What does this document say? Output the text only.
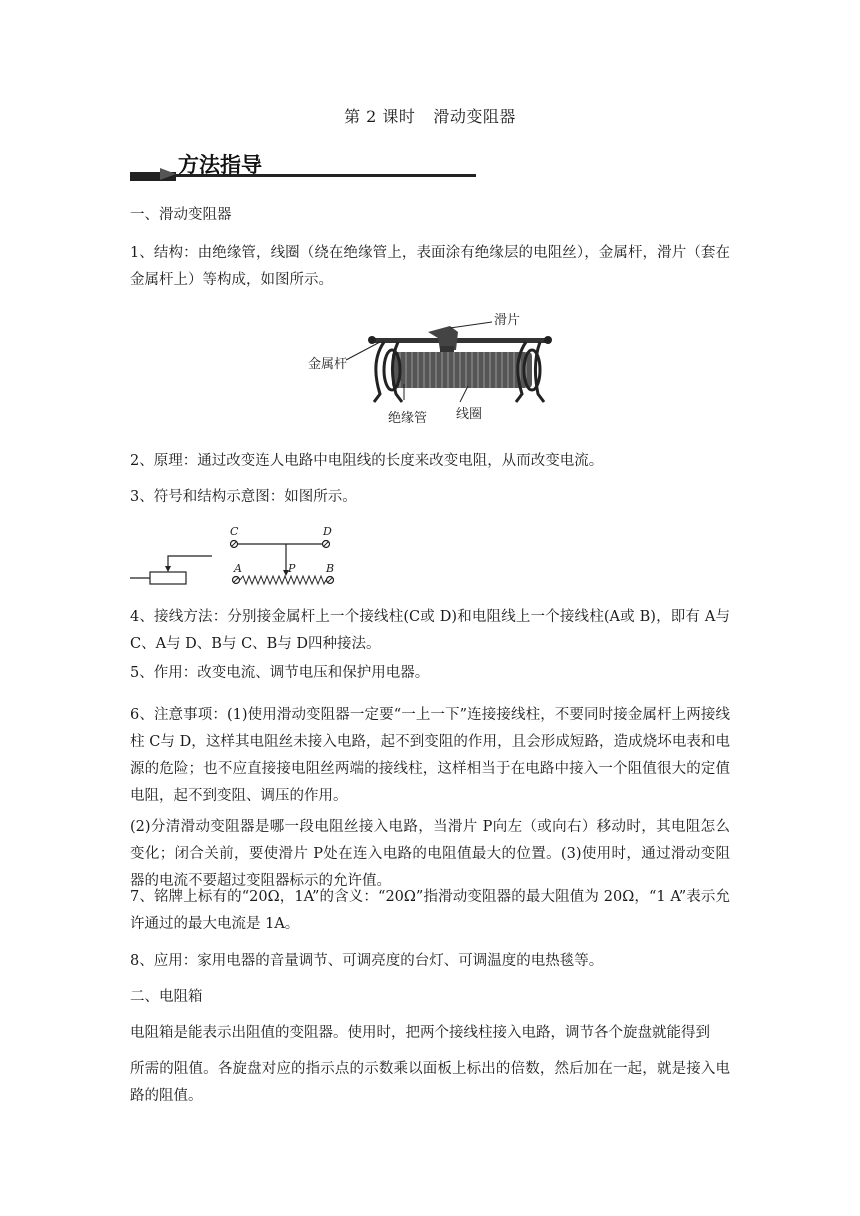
第 2 课时 滑动变阻器
方法指导

一、滑动变阻器

1、结构：由绝缘管，线圈（绕在绝缘管上，表面涂有绝缘层的电阻丝），金属杆，滑片（套在金属杆上）等构成，如图所示。

滑片
金属杆
绝缘管 线圈

2、原理：通过改变连人电路中电阻线的长度来改变电阻，从而改变电流。

3、符号和结构示意图：如图所示。

C	D
A	P	B

4、接线方法：分别接金属杆上一个接线柱(C或 D)和电阻线上一个接线柱(A或 B)，即有 A与 C、A与 D、B与 C、B与 D四种接法。

5、作用：改变电流、调节电压和保护用电器。

6、注意事项：(1)使用滑动变阻器一定要“一上一下”连接接线柱，不要同时接金属杆上两接线柱 C与 D，这样其电阻丝未接入电路，起不到变阻的作用，且会形成短路，造成烧坏电表和电源的危险；也不应直接接电阻丝两端的接线柱，这样相当于在电路中接入一个阻值很大的定值电阻，起不到变阻、调压的作用。

(2)分清滑动变阻器是哪一段电阻丝接入电路，当滑片 P向左（或向右）移动时，其电阻怎么变化；闭合关前，要使滑片 P处在连入电路的电阻值最大的位置。(3)使用时，通过滑动变阻器的电流不要超过变阻器标示的允许值。

7、铭牌上标有的“20Ω，1A”的含义：“20Ω”指滑动变阻器的最大阻值为 20Ω，“1 A”表示允许通过的最大电流是 1A。

8、应用：家用电器的音量调节、可调亮度的台灯、可调温度的电热毯等。

二、电阻箱

电阻箱是能表示出阻值的变阻器。使用时，把两个接线柱接入电路，调节各个旋盘就能得到

所需的阻值。各旋盘对应的指示点的示数乘以面板上标出的倍数，然后加在一起，就是接入电路的阻值。
